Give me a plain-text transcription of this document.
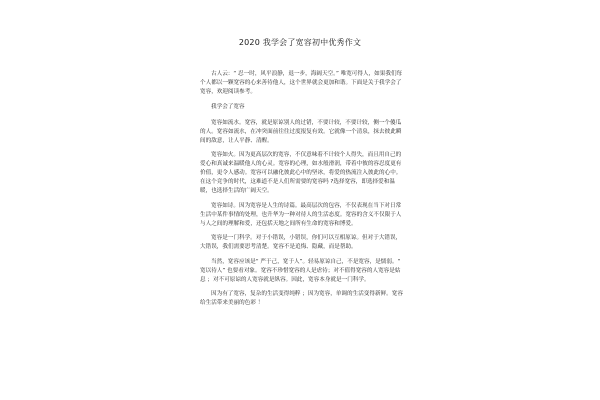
2020 我学会了宽容初中优秀作文

古人云：“ 忍一时，风平浪静，退一步，海阔天空。” 唯宽可得人，如果我们每个人都以一颗宽容的心来善待他人，这个世界就会更加和谐。下面是关于我学会了宽容，欢迎阅读参考。

我学会了宽容

宽容如流水。宽容，就是原谅别人的过错，不要计较，不要计较，侧一个傻瓜的人。宽容如流水，在冲突面前往往过度报复有效。它就像一个清泉，抹去彼此瞬间的敌意，让人平静、清醒。

宽容如火。因为更高层次的宽容，不仅意味着不计较个人得失，而且用自己的爱心和真诚来温暖他人的心灵。宽容的心理，如水般滑润，带着中彼的容忍度更有价值，更令人感动。宽容可以融化彼此心中的坚冰，将爱的热流注入彼此的心中。在这个竞争的时代，这难道不是人们所需要的宽容吗 ?选择宽容，即选择爱和温暖，也选择生活的广阔天空。

宽容如诗。因为宽容是人生的诗篇。最高层次的包容，不仅表现在当下对日常生活中某件事情的处理，也升华为一种对待人的生活态度。宽容的含义不仅限于人与人之间的理解和爱，还包括天地之间所有生命的宽容和博爱。

宽容是一门科学。对于小错误，小错误，你们可以互相原谅。但对于大错误，大错误，我们需要思考清楚。宽容不是追悔、隐藏，而是帮助。

当然，宽容应该是“ 严于己，宽于人”。轻易原谅自己，不是宽容，是懦弱。“ 宽以待人” 也要看对象。宽容不珍惜宽容的人是虐待；对不值得宽容的人宽容是姑息 ；对不可原谅的人宽容就是纵容。因此，宽容本身就是一门科学。

因为有了宽容，复杂的生活变得纯粹 ；因为宽容，单调的生活变得新鲜。宽容给生活带来美丽的色彩 ！
